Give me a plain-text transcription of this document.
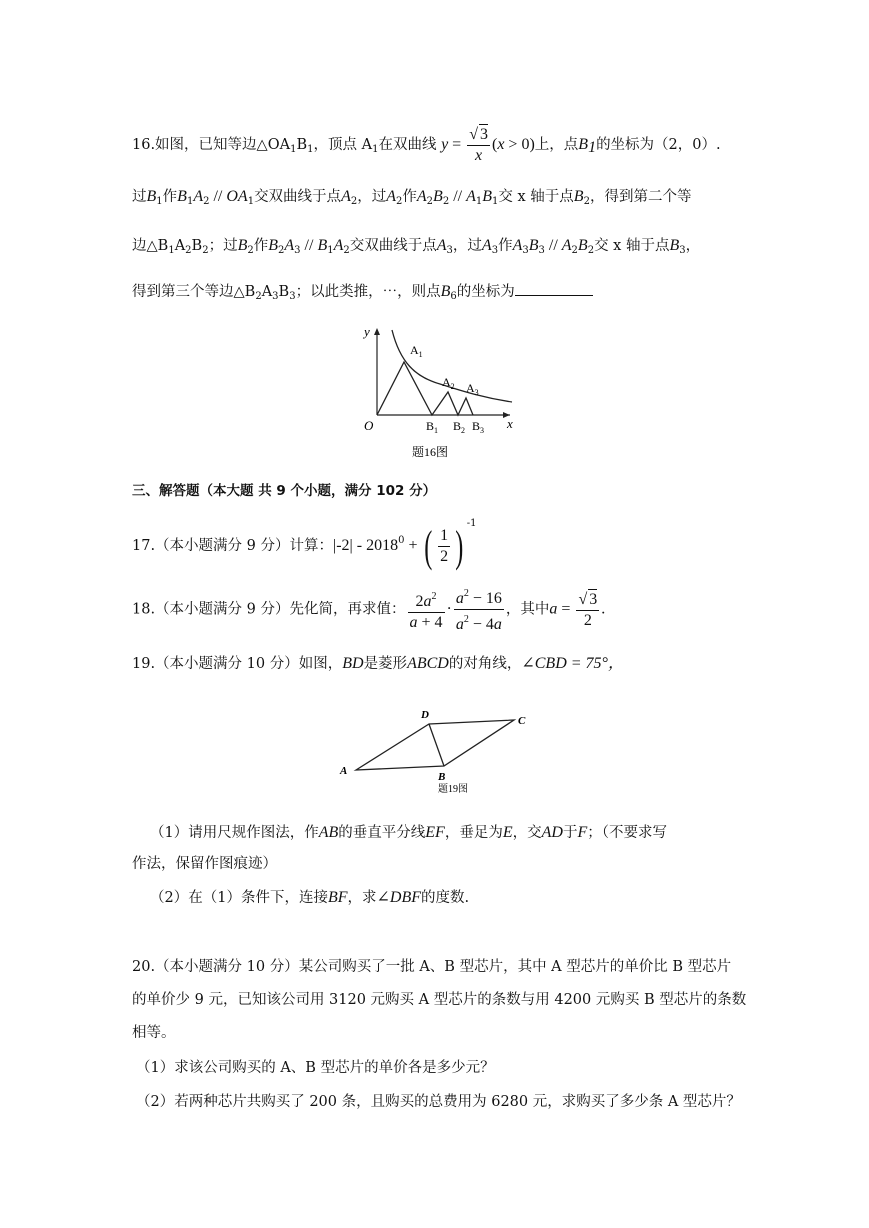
16.如图，已知等边$\triangle OA_1B_1$，顶点 $A_1$在双曲线 $y = \frac{√ 3}{x} (x > 0)$上，点$B_1$的坐标为（2，0）.
过$B_1$作$B_1A_2 // OA_1$交双曲线于点$A_2$，过$A_2$作$A_2B_2 // A_1B_1$交 x 轴于点$B_2$，得到第二个等
边$\triangle B_1A_2B_2$；过$B_2$作$B_2A_3 // B_1A_2$交双曲线于点$A_3$，过$A_3$作$A_3B_3 // A_2B_2$交 x 轴于点$B_3$，
得到第三个等边$\triangle B_2A_3B_3$；以此类推，⋯，则点$B_6$的坐标为
y
x
O
$A_1$
$A_2$ $A_3$
$B_1$ $B_2$ $B_3$
题16图
三、解答题（本大题 共 9 个小题，满分 102 分）
17.（本小题满分 9 分）计算：$|-2| - 2018^0$ + ( $\frac{1}{2}$ ) $^{-1}$
18.（本小题满分 9 分）先化简，再求值： $\frac{2a^2}{a + 4} \cdot \frac{a^2 - 16}{a^2 - 4a}$ ，其中$a = \frac{√ 3}{2}$ .
19.（本小题满分 10 分）如图，BD是菱形ABCD的对角线，∠CBD = 75°，
A	B
C
D
题19图
（1）请用尺规作图法，作AB的垂直平分线EF，垂足为E，交AD于F；（不要求写
作法，保留作图痕迹）
（2）在（1）条件下，连接BF，求∠DBF的度数.
20.（本小题满分 10 分）某公司购买了一批 A、B 型芯片，其中 A 型芯片的单价比 B 型芯片
的单价少 9 元，已知该公司用 3120 元购买 A 型芯片的条数与用 4200 元购买 B 型芯片的条数
相等。
（1）求该公司购买的 A、B 型芯片的单价各是多少元？
（2）若两种芯片共购买了 200 条，且购买的总费用为 6280 元，求购买了多少条 A 型芯片？
